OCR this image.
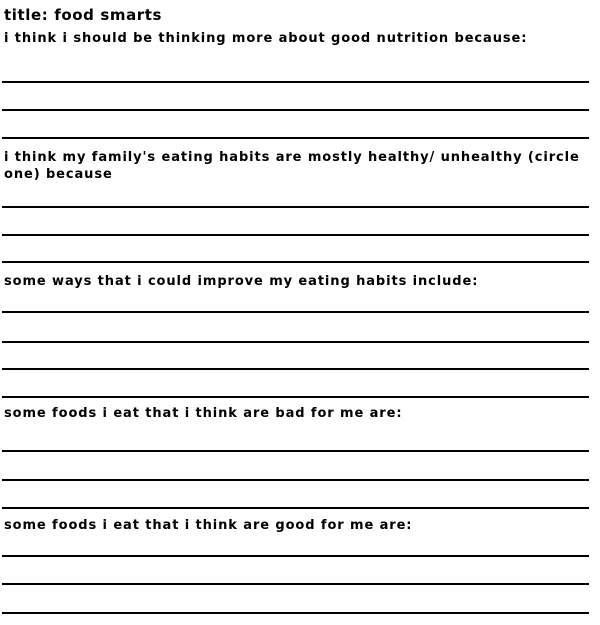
title: food smarts
i think i should be thinking more about good nutrition because:
i think my family's eating habits are mostly healthy/ unhealthy (circle one) because
some ways that i could improve my eating habits include:
some foods i eat that i think are bad for me are:
some foods i eat that i think are good for me are:
